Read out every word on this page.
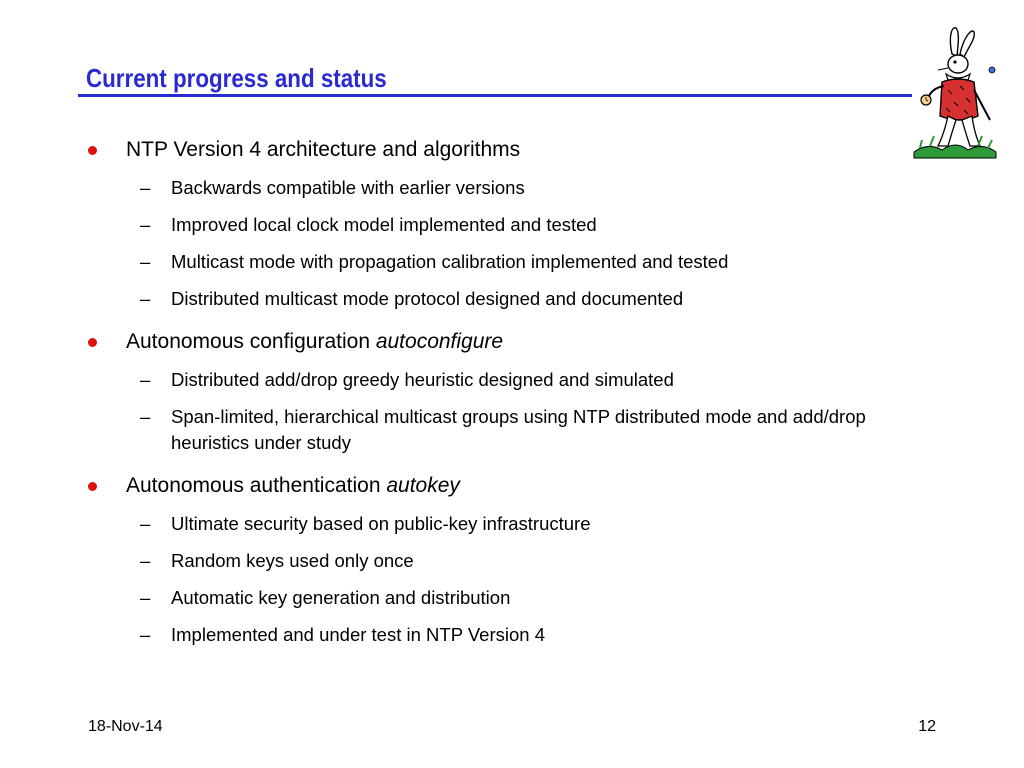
Current progress and status
NTP Version 4 architecture and algorithms
– Backwards compatible with earlier versions
– Improved local clock model implemented and tested
– Multicast mode with propagation calibration implemented and tested
– Distributed multicast mode protocol designed and documented
Autonomous configuration autoconfigure
– Distributed add/drop greedy heuristic designed and simulated
– Span-limited, hierarchical multicast groups using NTP distributed mode and add/drop heuristics under study
Autonomous authentication autokey
– Ultimate security based on public-key infrastructure
– Random keys used only once
– Automatic key generation and distribution
– Implemented and under test in NTP Version 4
18-Nov-14	12
